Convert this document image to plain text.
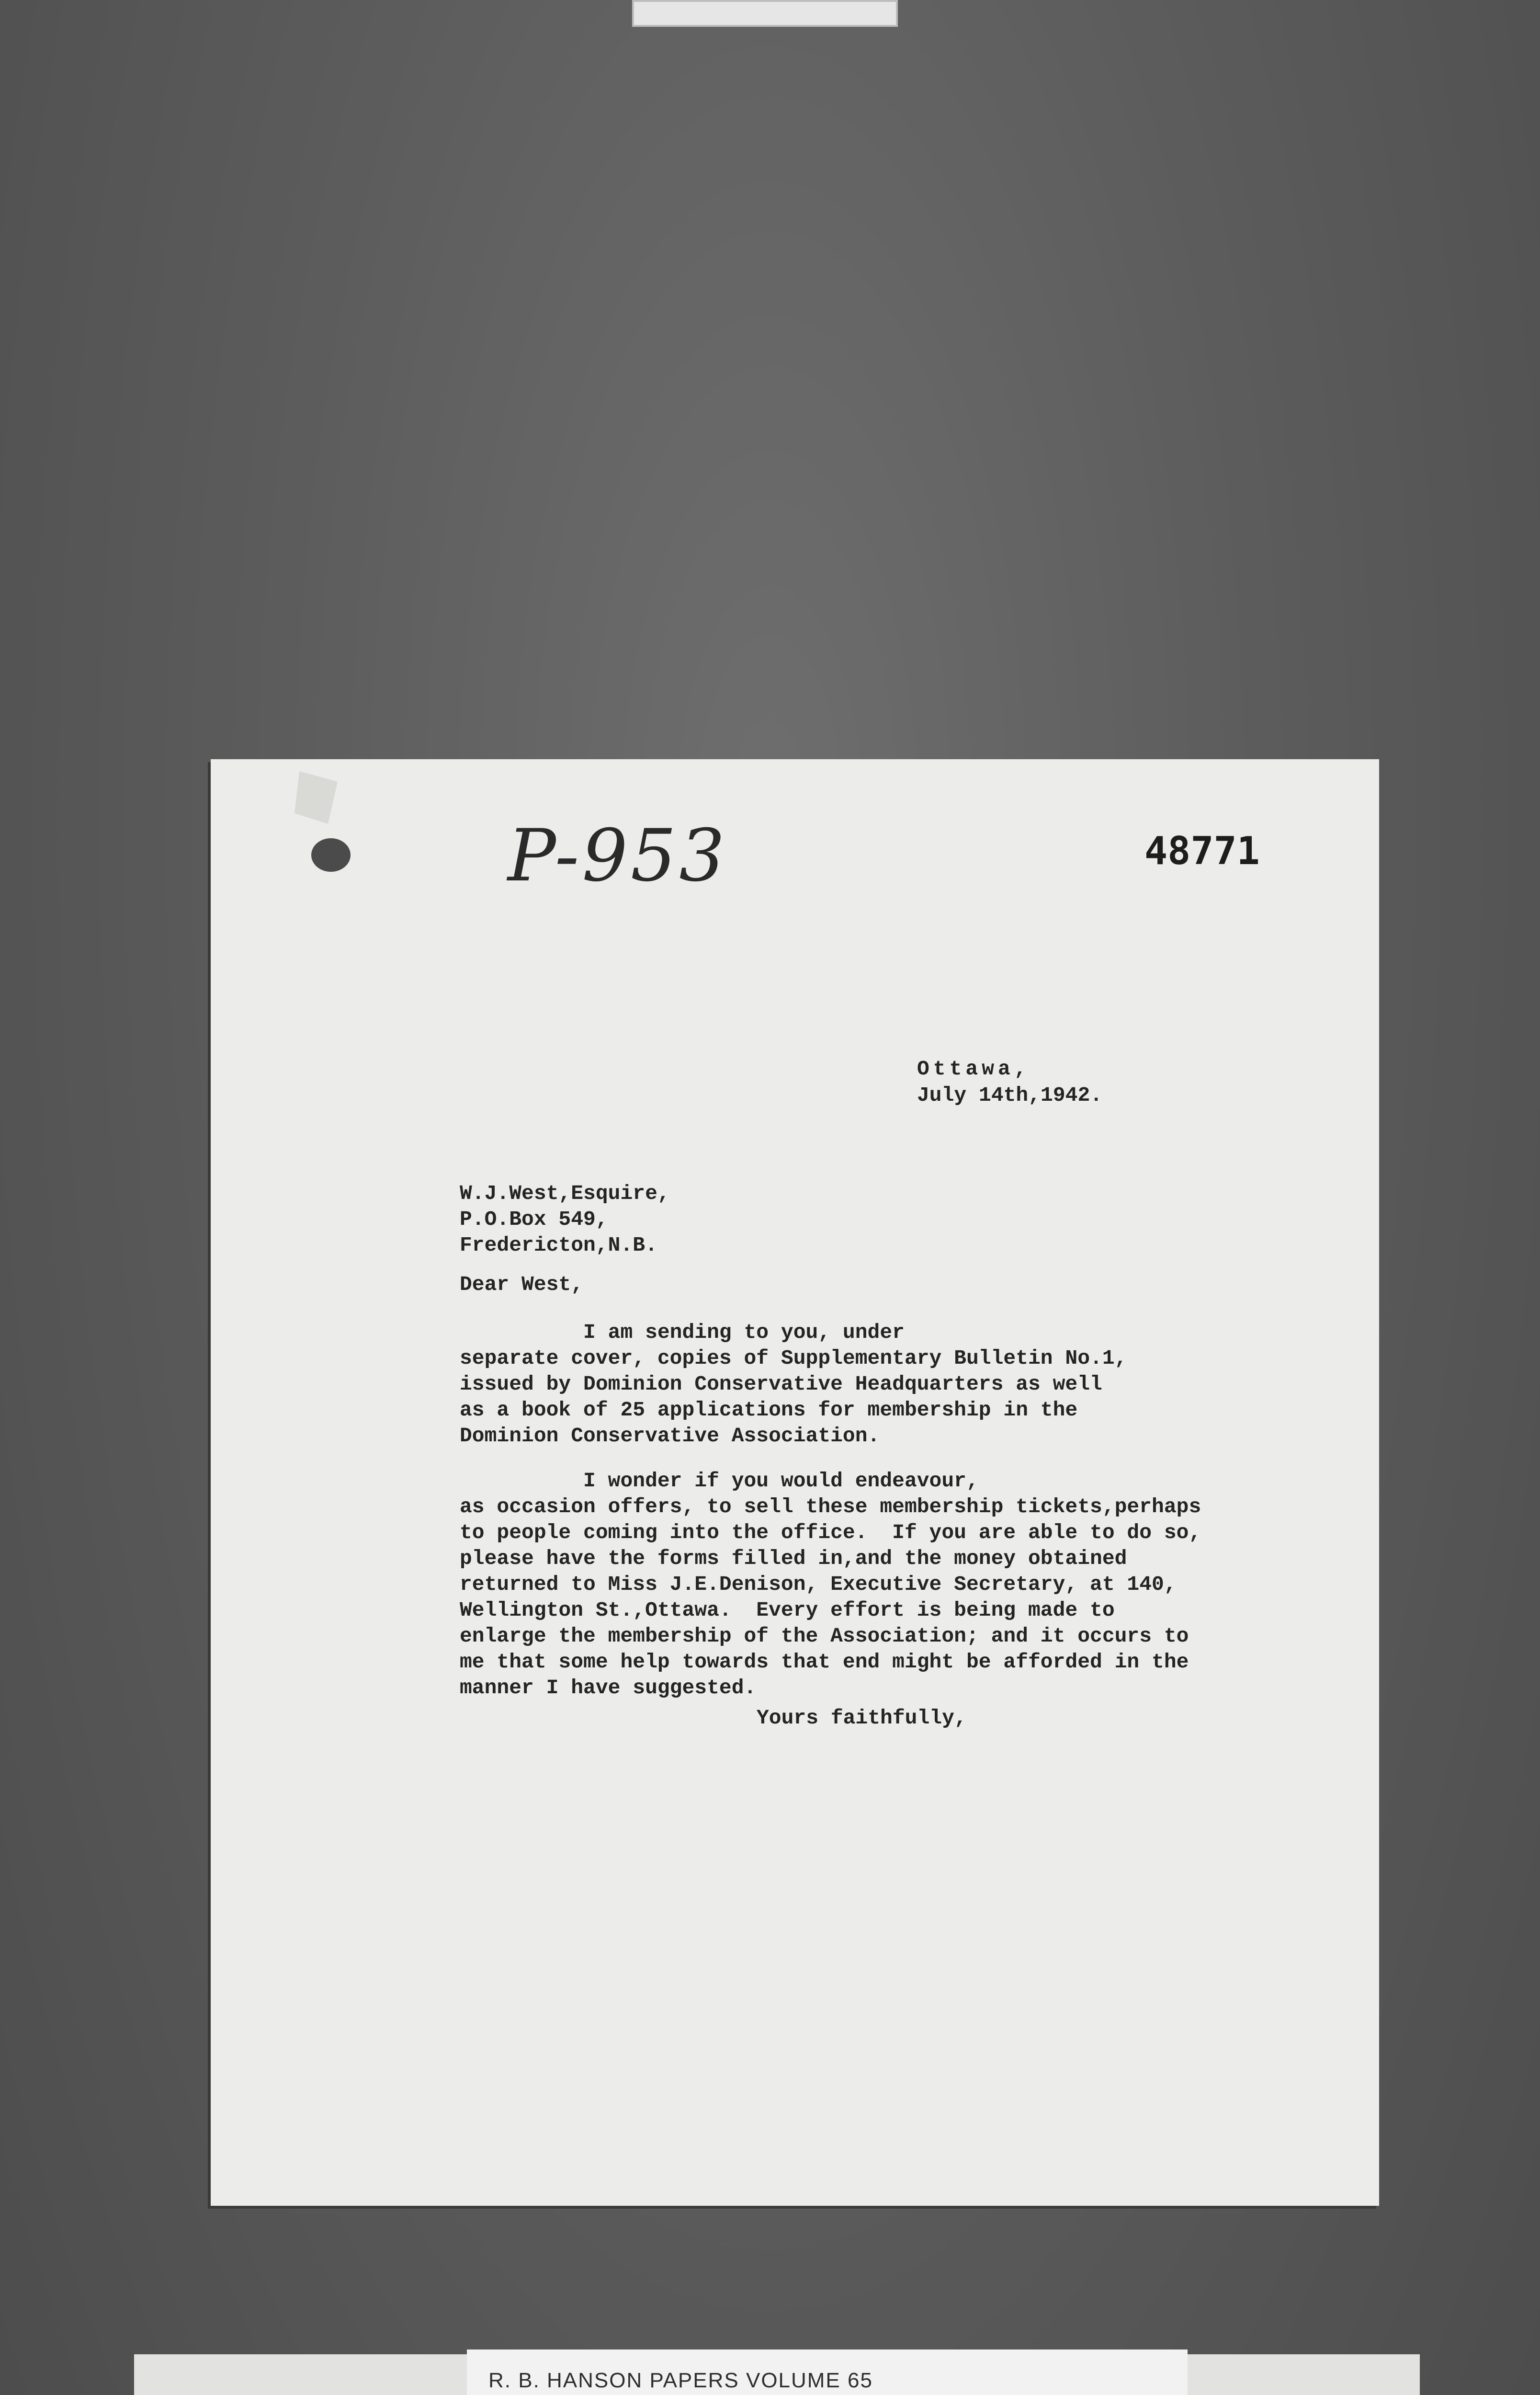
P-953	48771
Ottawa,
July 14th,1942.
W.J.West,Esquire,
P.O.Box 549,
Fredericton,N.B.
Dear West,
I am sending to you, under
separate cover, copies of Supplementary Bulletin No.1,
issued by Dominion Conservative Headquarters as well
as a book of 25 applications for membership in the
Dominion Conservative Association.
I wonder if you would endeavour,
as occasion offers, to sell these membership tickets,perhaps
to people coming into the office.  If you are able to do so,
please have the forms filled in,and the money obtained
returned to Miss J.E.Denison, Executive Secretary, at 140,
Wellington St.,Ottawa.  Every effort is being made to
enlarge the membership of the Association; and it occurs to
me that some help towards that end might be afforded in the
manner I have suggested.
Yours faithfully,
R. B. HANSON PAPERS VOLUME 65
